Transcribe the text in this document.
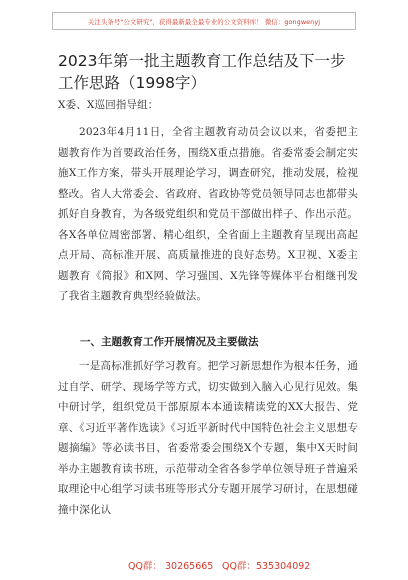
关注头条号"公文研究"，获得最新最全最专业的公文资料库！ 微信：gongwenyj
2023年第一批主题教育工作总结及下一步工作思路（1998字）

X委、X巡回指导组：

2023年4月11日，全省主题教育动员会议以来，省委把主题教育作为首要政治任务，围绕X重点措施。省委常委会制定实施X工作方案，带头开展理论学习，调查研究，推动发展，检视整改。省人大常委会、省政府、省政协等党员领导同志也都带头抓好自身教育，为各级党组织和党员干部做出样子、作出示范。各X各单位周密部署、精心组织，全省面上主题教育呈现出高起点开局、高标准开展、高质量推进的良好态势。X卫视、X委主题教育《简报》和X网、学习强国、X先锋等媒体平台相继刊发了我省主题教育典型经验做法。

一、主题教育工作开展情况及主要做法

一是高标准抓好学习教育。把学习新思想作为根本任务，通过自学、研学、现场学等方式，切实做到入脑入心见行见效。集中研讨学，组织党员干部原原本本通读精读党的XX大报告、党章、《习近平著作选读》《习近平新时代中国特色社会主义思想专题摘编》等必读书目，省委常委会围绕X个专题，集中X天时间举办主题教育读书班，示范带动全省各参学单位领导班子普遍采取理论中心组学习读书班等形式分专题开展学习研讨，在思想碰撞中深化认

QQ群： 30265665 QQ群：535304092
